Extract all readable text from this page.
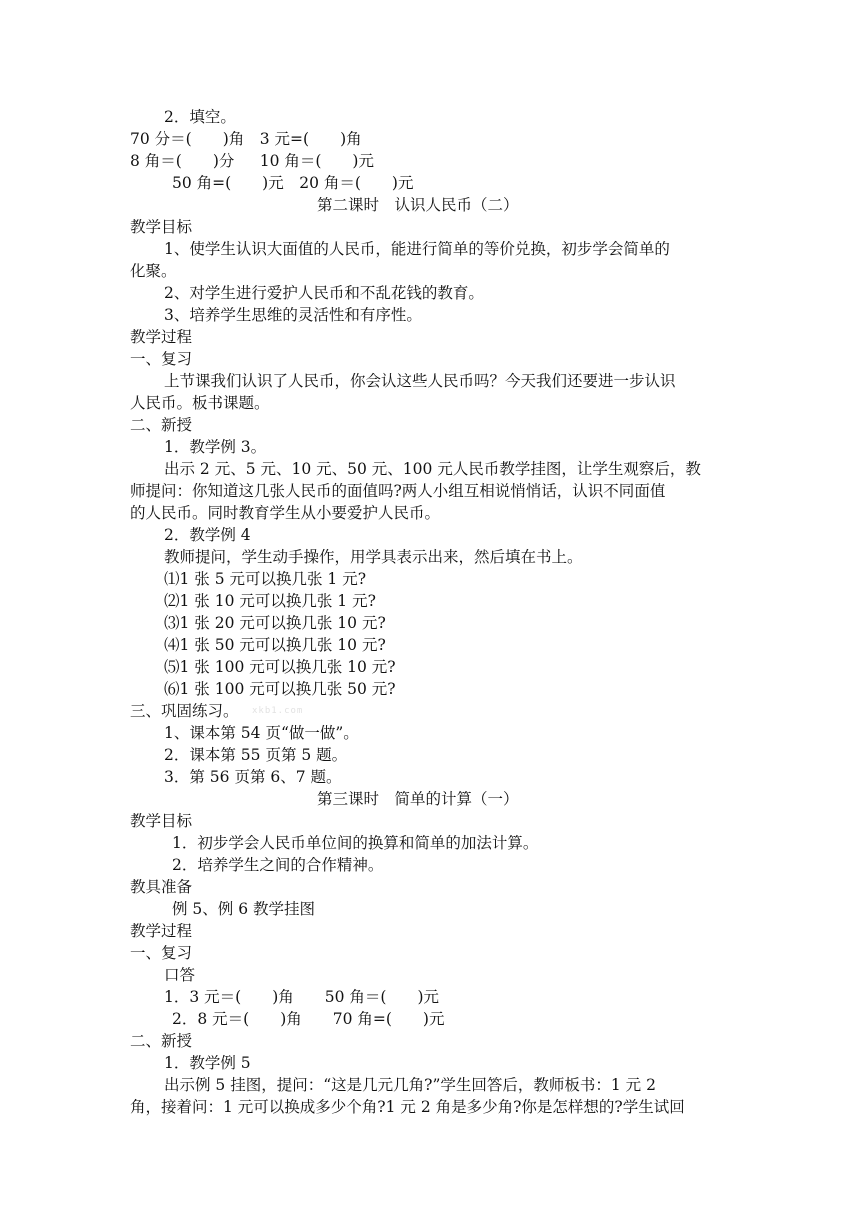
2．填空。
70 分＝(　　)角　3 元=(　　)角
8 角＝(　　)分　  10 角＝(　　)元
50 角=(　　)元　20 角＝(　　)元
第二课时　认识人民币（二）
教学目标
1、使学生认识大面值的人民币，能进行简单的等价兑换，初步学会简单的
化聚。
2、对学生进行爱护人民币和不乱花钱的教育。
3、培养学生思维的灵活性和有序性。
教学过程
一、复习
上节课我们认识了人民币，你会认这些人民币吗？今天我们还要进一步认识
人民币。板书课题。
二、新授
1．教学例 3。
出示 2 元、5 元、10 元、50 元、100 元人民币教学挂图，让学生观察后，教
师提问：你知道这几张人民币的面值吗?两人小组互相说悄悄话，认识不同面值
的人民币。同时教育学生从小要爱护人民币。
2．教学例 4
教师提问，学生动手操作，用学具表示出来，然后填在书上。
⑴1 张 5 元可以换几张 1 元?
⑵1 张 10 元可以换几张 1 元?
⑶1 张 20 元可以换几张 10 元?
⑷1 张 50 元可以换几张 10 元?
⑸1 张 100 元可以换几张 10 元?
⑹1 张 100 元可以换几张 50 元?
三、巩固练习。 xkb1.com
1、课本第 54 页“做一做”。
2．课本第 55 页第 5 题。
3．第 56 页第 6、7 题。
第三课时　简单的计算（一）
教学目标
1．初步学会人民币单位间的换算和简单的加法计算。
2．培养学生之间的合作精神。
教具准备
例 5、例 6 教学挂图
教学过程
一、复习
口答
1．3 元＝(　　)角　　50 角＝(　　)元
2．8 元＝(　　)角　　70 角=(　　)元
二、新授
1．教学例 5
出示例 5 挂图，提问：“这是几元几角?”学生回答后，教师板书：1 元 2
角，接着问：1 元可以换成多少个角?1 元 2 角是多少角?你是怎样想的?学生试回
